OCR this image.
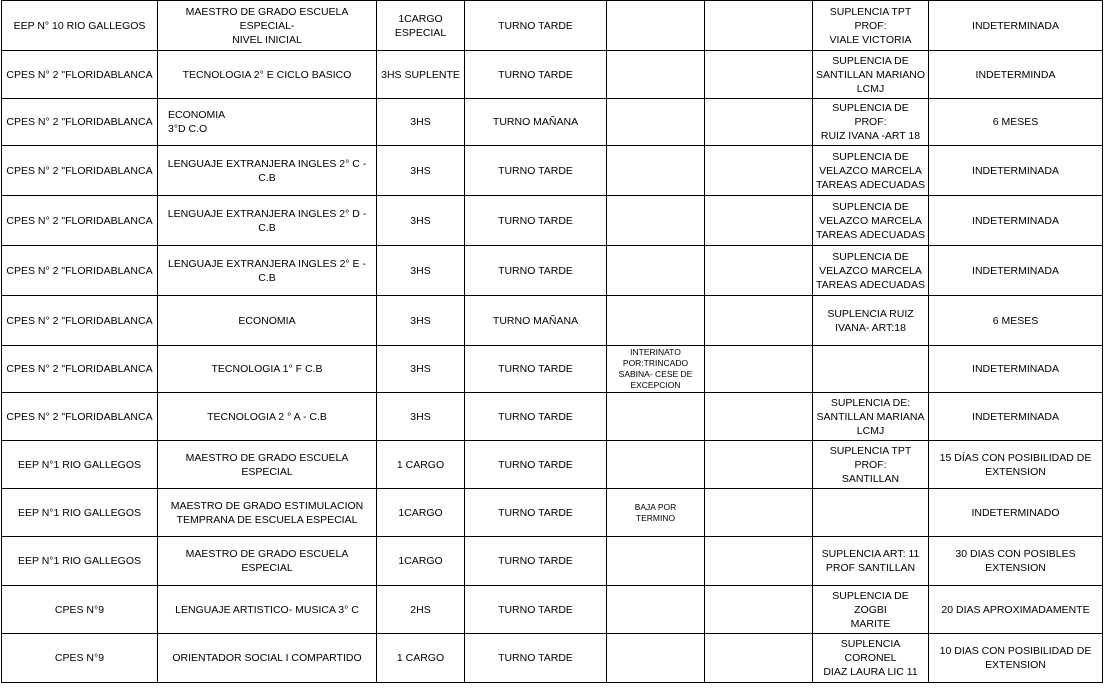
EEP N° 10 RIO GALLEGOS	MAESTRO DE GRADO ESCUELA ESPECIAL-
NIVEL INICIAL	1CARGO
ESPECIAL	TURNO TARDE			SUPLENCIA TPT PROF:
VIALE VICTORIA	INDETERMINADA
CPES N° 2 "FLORIDABLANCA	TECNOLOGIA 2° E CICLO BASICO	3HS SUPLENTE	TURNO TARDE			SUPLENCIA DE
SANTILLAN MARIANO
LCMJ	INDETERMINDA
CPES N° 2 "FLORIDABLANCA	ECONOMIA
3°D C.O	3HS	TURNO MAÑANA			SUPLENCIA DE PROF:
RUIZ IVANA -ART 18	6 MESES
CPES N° 2 "FLORIDABLANCA	LENGUAJE EXTRANJERA INGLES 2° C - C.B	3HS	TURNO TARDE			SUPLENCIA DE
VELAZCO MARCELA
TAREAS ADECUADAS	INDETERMINADA
CPES N° 2 "FLORIDABLANCA	LENGUAJE EXTRANJERA INGLES 2° D - C.B	3HS	TURNO TARDE			SUPLENCIA DE
VELAZCO MARCELA
TAREAS ADECUADAS	INDETERMINADA
CPES N° 2 "FLORIDABLANCA	LENGUAJE EXTRANJERA INGLES 2° E - C.B	3HS	TURNO TARDE			SUPLENCIA DE
VELAZCO MARCELA
TAREAS ADECUADAS	INDETERMINADA
CPES N° 2 "FLORIDABLANCA	ECONOMIA	3HS	TURNO MAÑANA			SUPLENCIA RUIZ
IVANA- ART:18	6 MESES
CPES N° 2 "FLORIDABLANCA	TECNOLOGIA 1° F C.B	3HS	TURNO TARDE	INTERINATO
POR:TRINCADO
SABINA- CESE DE
EXCEPCION			INDETERMINADA
CPES N° 2 "FLORIDABLANCA	TECNOLOGIA 2 ° A - C.B	3HS	TURNO TARDE			SUPLENCIA DE:
SANTILLAN MARIANA
LCMJ	INDETERMINADA
EEP N°1 RIO GALLEGOS	MAESTRO DE GRADO ESCUELA ESPECIAL	1 CARGO	TURNO TARDE			SUPLENCIA TPT PROF:
SANTILLAN	15 DÍAS CON POSIBILIDAD DE
EXTENSION
EEP N°1 RIO GALLEGOS	MAESTRO DE GRADO ESTIMULACION
TEMPRANA DE ESCUELA ESPECIAL	1CARGO	TURNO TARDE	BAJA POR
TERMINO			INDETERMINADO
EEP N°1 RIO GALLEGOS	MAESTRO DE GRADO ESCUELA ESPECIAL	1CARGO	TURNO TARDE			SUPLENCIA ART: 11
PROF SANTILLAN	30 DIAS CON POSIBLES EXTENSION
CPES N°9	LENGUAJE ARTISTICO- MUSICA 3° C	2HS	TURNO TARDE			SUPLENCIA DE ZOGBI
MARITE	20 DIAS APROXIMADAMENTE
CPES N°9	ORIENTADOR SOCIAL I COMPARTIDO	1 CARGO	TURNO TARDE			SUPLENCIA CORONEL
DIAZ LAURA LIC 11	10 DIAS CON POSIBILIDAD DE
EXTENSION
